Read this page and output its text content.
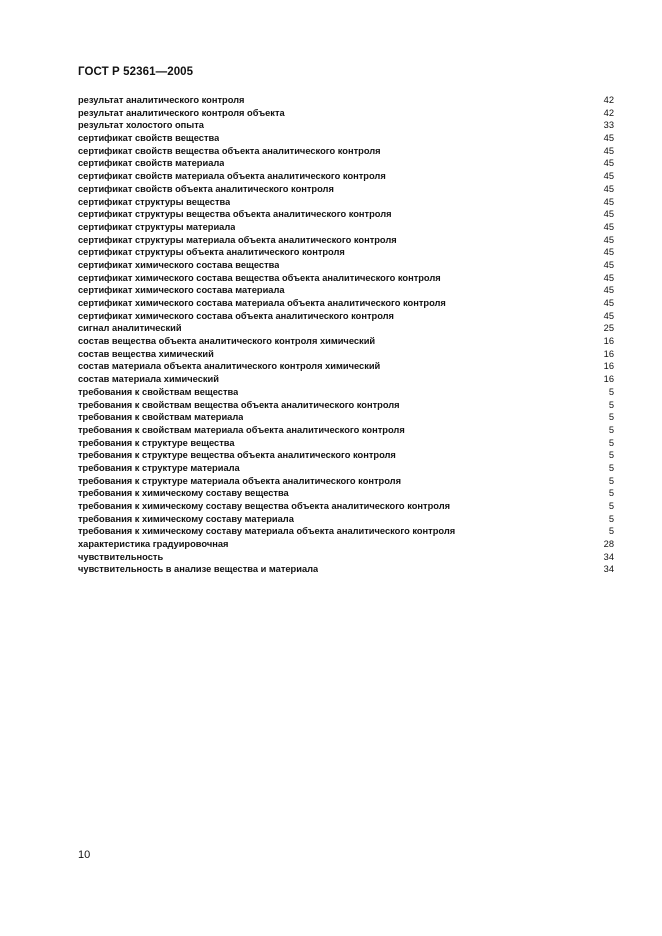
ГОСТ Р 52361—2005
результат аналитического контроля	42
результат аналитического контроля объекта	42
результат холостого опыта	33
сертификат свойств вещества	45
сертификат свойств вещества объекта аналитического контроля	45
сертификат свойств материала	45
сертификат свойств материала объекта аналитического контроля	45
сертификат свойств объекта аналитического контроля	45
сертификат структуры вещества	45
сертификат структуры вещества объекта аналитического контроля	45
сертификат структуры материала	45
сертификат структуры материала объекта аналитического контроля	45
сертификат структуры объекта аналитического контроля	45
сертификат химического состава вещества	45
сертификат химического состава вещества объекта аналитического контроля	45
сертификат химического состава материала	45
сертификат химического состава материала объекта аналитического контроля	45
сертификат химического состава объекта аналитического контроля	45
сигнал аналитический	25
состав вещества объекта аналитического контроля химический	16
состав вещества химический	16
состав материала объекта аналитического контроля химический	16
состав материала химический	16
требования к свойствам вещества	5
требования к свойствам вещества объекта аналитического контроля	5
требования к свойствам материала	5
требования к свойствам материала объекта аналитического контроля	5
требования к структуре вещества	5
требования к структуре вещества объекта аналитического контроля	5
требования к структуре материала	5
требования к структуре материала объекта аналитического контроля	5
требования к химическому составу вещества	5
требования к химическому составу вещества объекта аналитического контроля	5
требования к химическому составу материала	5
требования к химическому составу материала объекта аналитического контроля	5
характеристика градуировочная	28
чувствительность	34
чувствительность в анализе вещества и материала	34
10
